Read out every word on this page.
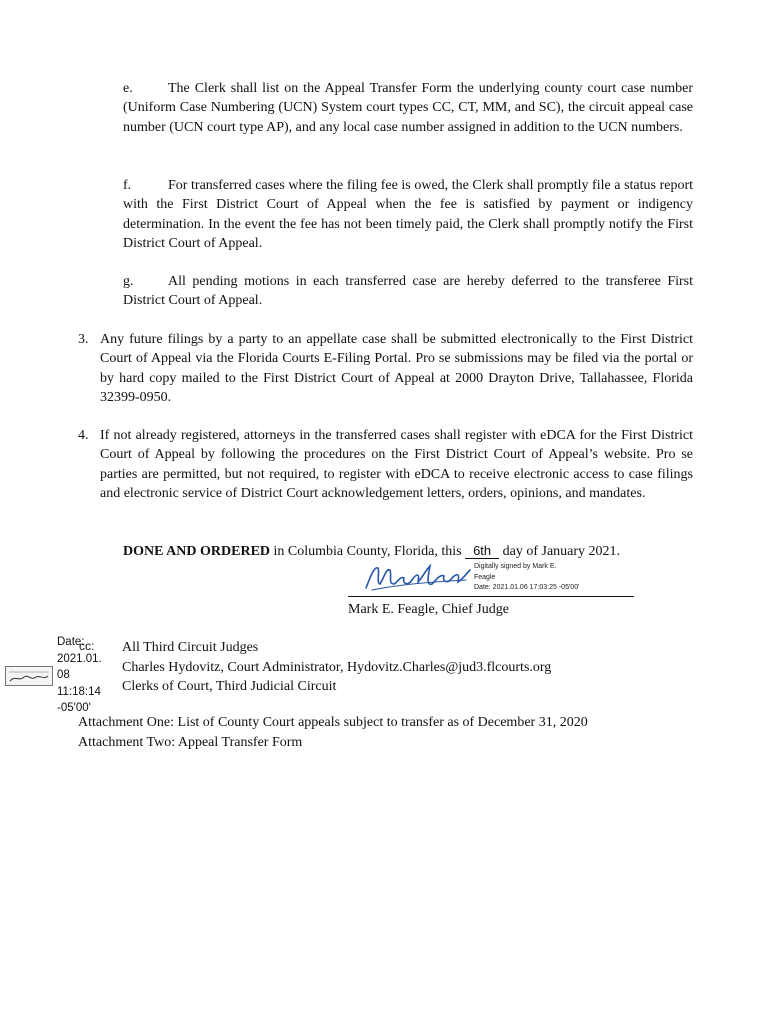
e.	The Clerk shall list on the Appeal Transfer Form the underlying county court case number (Uniform Case Numbering (UCN) System court types CC, CT, MM, and SC), the circuit appeal case number (UCN court type AP), and any local case number assigned in addition to the UCN numbers.
f.	For transferred cases where the filing fee is owed, the Clerk shall promptly file a status report with the First District Court of Appeal when the fee is satisfied by payment or indigency determination. In the event the fee has not been timely paid, the Clerk shall promptly notify the First District Court of Appeal.
g. All pending motions in each transferred case are hereby deferred to the transferee First District Court of Appeal.
3. Any future filings by a party to an appellate case shall be submitted electronically to the First District Court of Appeal via the Florida Courts E-Filing Portal. Pro se submissions may be filed via the portal or by hard copy mailed to the First District Court of Appeal at 2000 Drayton Drive, Tallahassee, Florida 32399-0950.
4. If not already registered, attorneys in the transferred cases shall register with eDCA for the First District Court of Appeal by following the procedures on the First District Court of Appeal’s website. Pro se parties are permitted, but not required, to register with eDCA to receive electronic access to case filings and electronic service of District Court acknowledgement letters, orders, opinions, and mandates.
DONE AND ORDERED in Columbia County, Florida, this 6th day of January 2021.
Digitally signed by Mark E.
Feagle
Date: 2021.01.06 17:03:25 -05'00'
Mark E. Feagle, Chief Judge
Date:
2021.01.
08
11:18:14
-05'00'
cc: All Third Circuit Judges
Charles Hydovitz, Court Administrator, Hydovitz.Charles@jud3.flcourts.org
Clerks of Court, Third Judicial Circuit
Attachment One: List of County Court appeals subject to transfer as of December 31, 2020
Attachment Two: Appeal Transfer Form
